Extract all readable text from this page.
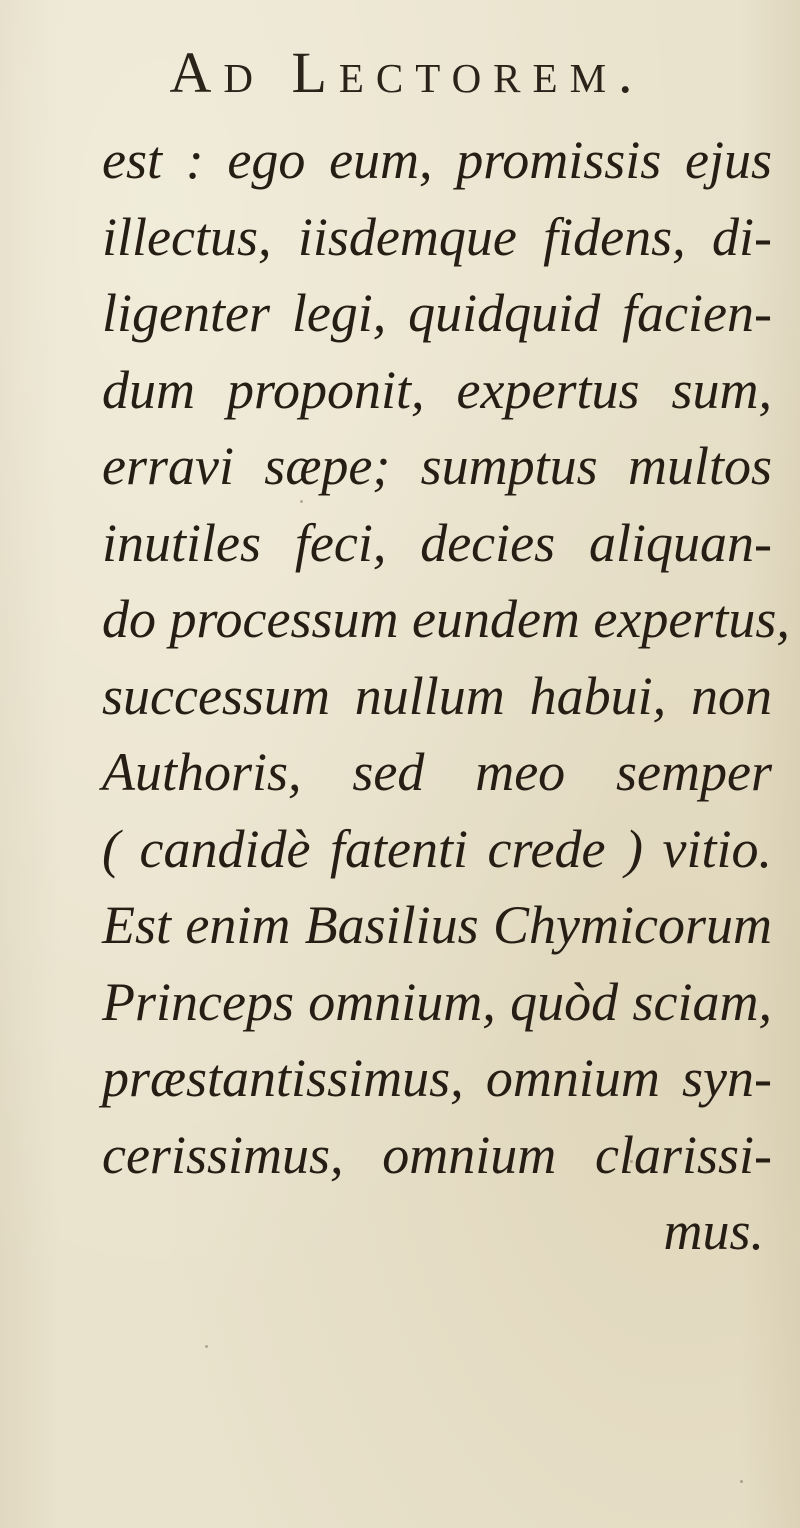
Ad Lectorem.
est : ego eum, promissis ejus
illectus, iisdemque fidens, di-
ligenter legi, quidquid facien-
dum proponit, expertus sum,
erravi sæpe; sumptus multos
inutiles feci, decies aliquan-
do processum eundem expertus,
successum nullum habui, non
Authoris, sed meo semper
( candidè fatenti crede ) vitio.
Est enim Basilius Chymicorum
Princeps omnium, quòd sciam,
præstantissimus, omnium syn-
cerissimus, omnium clarissi-
mus.
